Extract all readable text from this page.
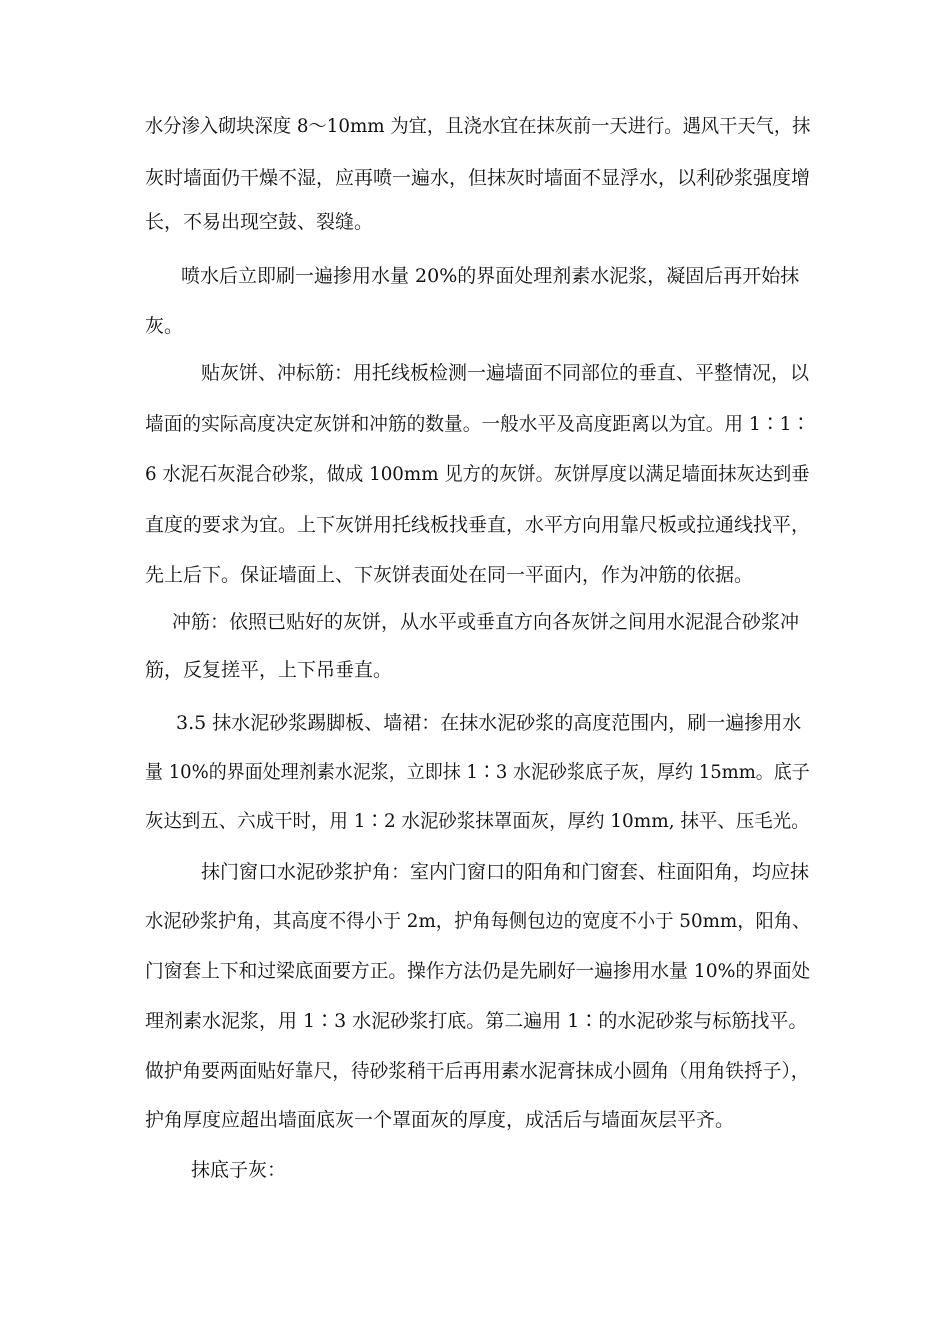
水分渗入砌块深度 8～10mm 为宜，且浇水宜在抹灰前一天进行。遇风干天气，抹
灰时墙面仍干燥不湿，应再喷一遍水，但抹灰时墙面不显浮水，以利砂浆强度增
长，不易出现空鼓、裂缝。
喷水后立即刷一遍掺用水量 20%的界面处理剂素水泥浆，凝固后再开始抹
灰。
贴灰饼、冲标筋：用托线板检测一遍墙面不同部位的垂直、平整情况，以
墙面的实际高度决定灰饼和冲筋的数量。一般水平及高度距离以为宜。用 1∶1∶
6 水泥石灰混合砂浆，做成 100mm 见方的灰饼。灰饼厚度以满足墙面抹灰达到垂
直度的要求为宜。上下灰饼用托线板找垂直，水平方向用靠尺板或拉通线找平，
先上后下。保证墙面上、下灰饼表面处在同一平面内，作为冲筋的依据。
冲筋：依照已贴好的灰饼，从水平或垂直方向各灰饼之间用水泥混合砂浆冲
筋，反复搓平，上下吊垂直。
3.5 抹水泥砂浆踢脚板、墙裙：在抹水泥砂浆的高度范围内，刷一遍掺用水
量 10%的界面处理剂素水泥浆，立即抹 1∶3 水泥砂浆底子灰，厚约 15mm。底子
灰达到五、六成干时，用 1∶2 水泥砂浆抹罩面灰，厚约 10mm, 抹平、压毛光。
抹门窗口水泥砂浆护角：室内门窗口的阳角和门窗套、柱面阳角，均应抹
水泥砂浆护角，其高度不得小于 2m，护角每侧包边的宽度不小于 50mm，阳角、
门窗套上下和过梁底面要方正。操作方法仍是先刷好一遍掺用水量 10%的界面处
理剂素水泥浆，用 1∶3 水泥砂浆打底。第二遍用 1∶的水泥砂浆与标筋找平。
做护角要两面贴好靠尺，待砂浆稍干后再用素水泥膏抹成小圆角（用角铁捋子），
护角厚度应超出墙面底灰一个罩面灰的厚度，成活后与墙面灰层平齐。
抹底子灰：
